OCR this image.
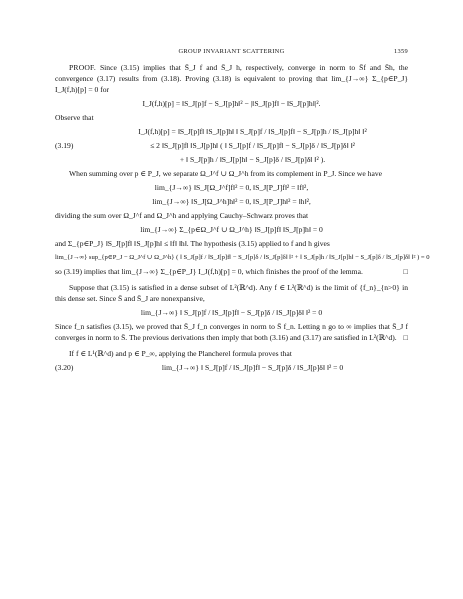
GROUP INVARIANT SCATTERING	1359

PROOF. Since (3.15) implies that S̄_J f and S̄_J h, respectively, converge in norm to S̄f and S̄h, the convergence (3.17) results from (3.18). Proving (3.18) is equivalent to proving that lim_{J→∞} Σ_{p∈P_J} I_J(f,h)[p] = 0 for

I_J(f,h)[p] = ‖S_J[p]f − S_J[p]h‖² − |‖S_J[p]f‖ − ‖S_J[p]h‖|².

Observe that

I_J(f,h)[p] = ‖S_J[p]f‖ ‖S_J[p]h‖ ‖ S_J[p]f / ‖S_J[p]f‖ − S_J[p]h / ‖S_J[p]h‖ ‖²
(3.19)	≤ 2 ‖S_J[p]f‖ ‖S_J[p]h‖ ( ‖ S_J[p]f / ‖S_J[p]f‖ − S_J[p]δ / ‖S_J[p]δ‖ ‖²
+ ‖ S_J[p]h / ‖S_J[p]h‖ − S_J[p]δ / ‖S_J[p]δ‖ ‖² ).

When summing over p ∈ P_J, we separate Ω_J^f ∪ Ω_J^h from its complement in P_J. Since we have

lim_{J→∞} ‖S_J[Ω_J^f]f‖² = 0, ‖S_J[P_J]f‖² = ‖f‖²,
lim_{J→∞} ‖S_J[Ω_J^h]h‖² = 0, ‖S_J[P_J]h‖² = ‖h‖²,

dividing the sum over Ω_J^f and Ω_J^h and applying Cauchy–Schwarz proves that

lim_{J→∞} Σ_{p∈Ω_J^f ∪ Ω_J^h} ‖S_J[p]f‖ ‖S_J[p]h‖ = 0

and Σ_{p∈P_J} ‖S_J[p]f‖ ‖S_J[p]h‖ ≤ ‖f‖ ‖h‖. The hypothesis (3.15) applied to f and h gives

lim_{J→∞} sup_{p∈P_J − Ω_J^f ∪ Ω_J^h} ( ‖ S_J[p]f / ‖S_J[p]f‖ − S_J[p]δ / ‖S_J[p]δ‖ ‖² + ‖ S_J[p]h / ‖S_J[p]h‖ − S_J[p]δ / ‖S_J[p]δ‖ ‖² ) = 0

so (3.19) implies that lim_{J→∞} Σ_{p∈P_J} I_J(f,h)[p] = 0, which finishes the proof of the lemma.	□

Suppose that (3.15) is satisfied in a dense subset of L²(ℝ^d). Any f ∈ L²(ℝ^d) is the limit of {f_n}_{n>0} in this dense set. Since S̄ and S̄_J are nonexpansive,

lim_{J→∞} ‖ S_J[p]f / ‖S_J[p]f‖ − S_J[p]δ / ‖S_J[p]δ‖ ‖² = 0

Since f_n satisfies (3.15), we proved that S̄_J f_n converges in norm to S̄ f_n. Letting n go to ∞ implies that S̄_J f converges in norm to S̄. The previous derivations then imply that both (3.16) and (3.17) are satisfied in L²(ℝ^d). □

If f ∈ L¹(ℝ^d) and p ∈ P_∞, applying the Plancherel formula proves that

(3.20)	lim_{J→∞} ‖ S_J[p]f / ‖S_J[p]f‖ − S_J[p]δ / ‖S_J[p]δ‖ ‖² = 0
